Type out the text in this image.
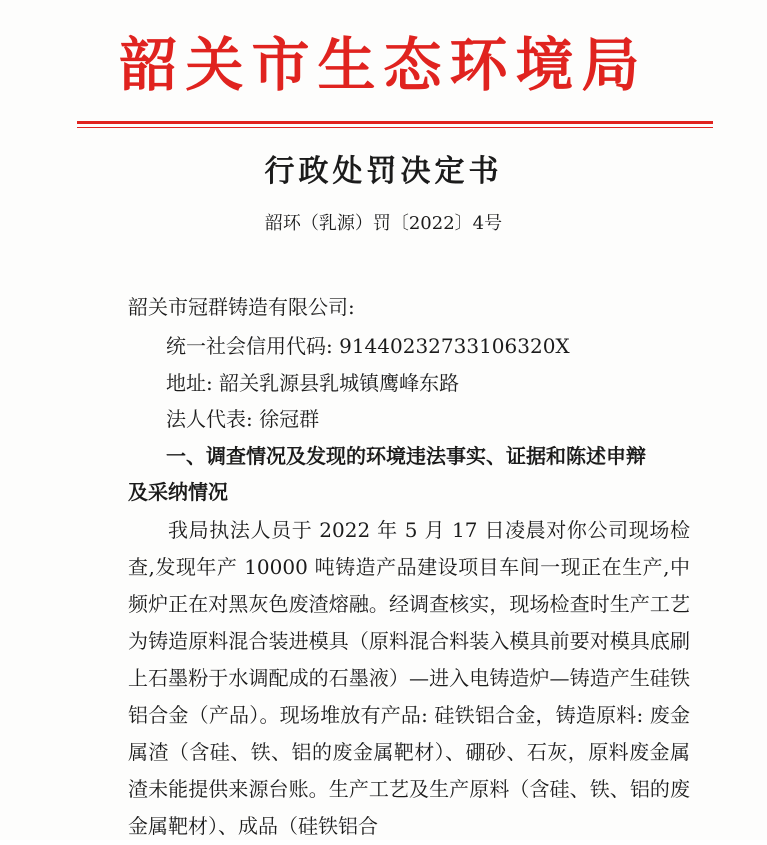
韶关市生态环境局
行政处罚决定书
韶环（乳源）罚〔2022〕4号
韶关市冠群铸造有限公司:
统一社会信用代码: 91440232733106320X
地址: 韶关乳源县乳城镇鹰峰东路
法人代表: 徐冠群
一、调查情况及发现的环境违法事实、证据和陈述申辩
及采纳情况
我局执法人员于 2022 年 5 月 17 日凌晨对你公司现场检查,发现年产 10000 吨铸造产品建设项目车间一现正在生产,中频炉正在对黑灰色废渣熔融。经调查核实，现场检查时生产工艺为铸造原料混合装进模具（原料混合料装入模具前要对模具底刷上石墨粉于水调配成的石墨液）—进入电铸造炉—铸造产生硅铁铝合金（产品）。现场堆放有产品: 硅铁铝合金，铸造原料: 废金属渣（含硅、铁、铝的废金属靶材）、硼砂、石灰，原料废金属渣未能提供来源台账。生产工艺及生产原料（含硅、铁、铝的废金属靶材）、成品（硅铁铝合
